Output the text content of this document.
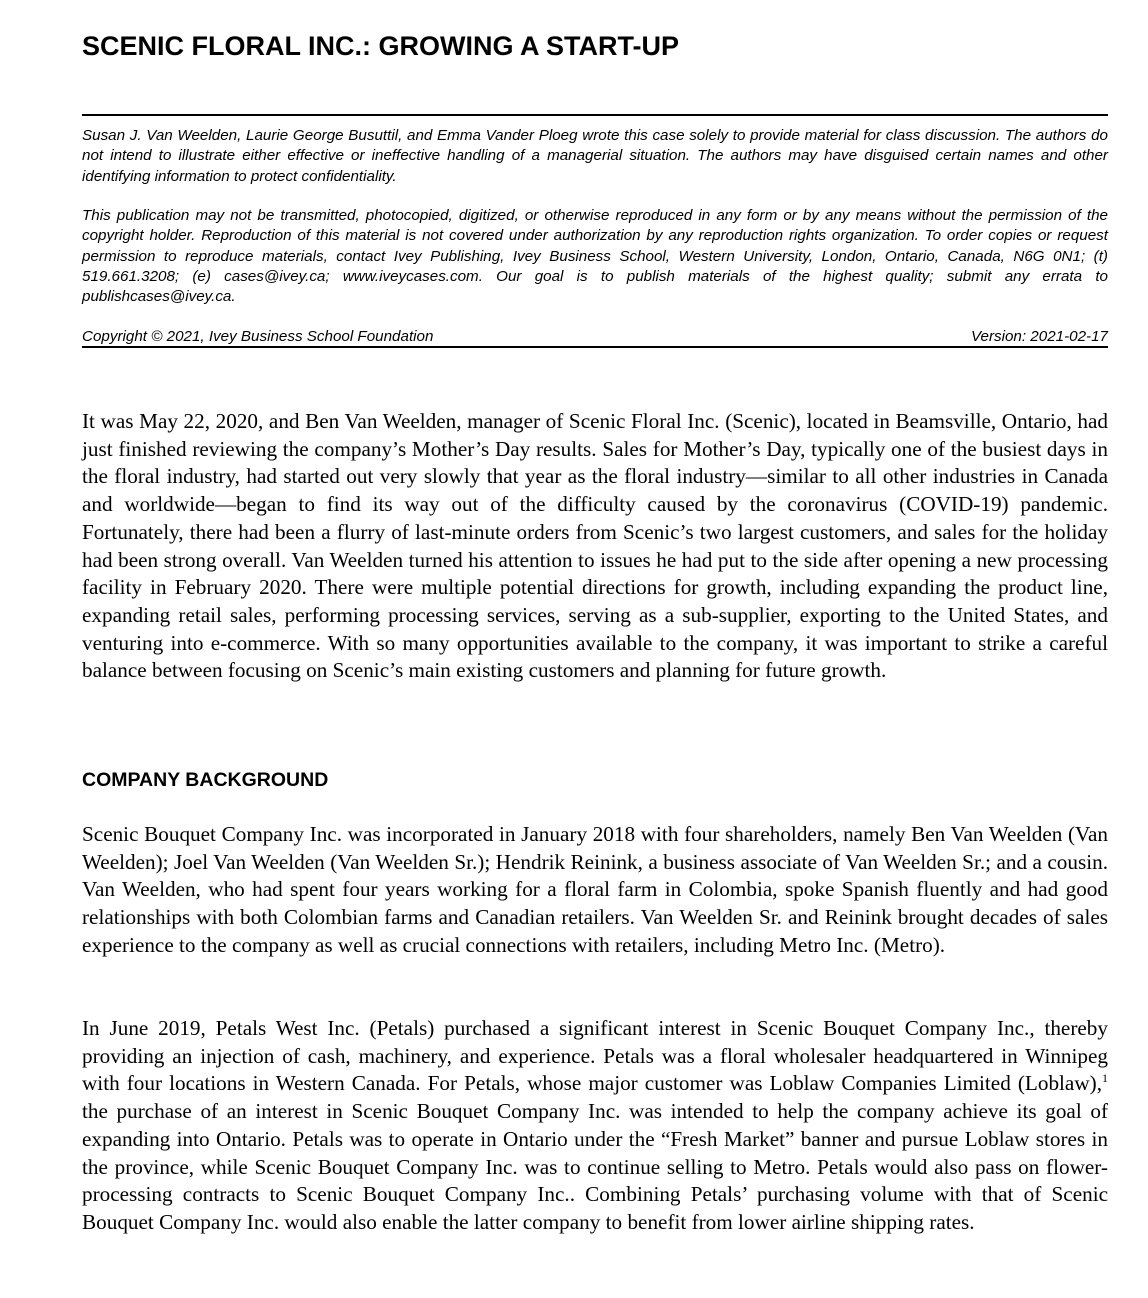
SCENIC FLORAL INC.: GROWING A START-UP

Susan J. Van Weelden, Laurie George Busuttil, and Emma Vander Ploeg wrote this case solely to provide material for class discussion. The authors do not intend to illustrate either effective or ineffective handling of a managerial situation. The authors may have disguised certain names and other identifying information to protect confidentiality.

This publication may not be transmitted, photocopied, digitized, or otherwise reproduced in any form or by any means without the permission of the copyright holder. Reproduction of this material is not covered under authorization by any reproduction rights organization. To order copies or request permission to reproduce materials, contact Ivey Publishing, Ivey Business School, Western University, London, Ontario, Canada, N6G 0N1; (t) 519.661.3208; (e) cases@ivey.ca; www.iveycases.com. Our goal is to publish materials of the highest quality; submit any errata to publishcases@ivey.ca.

Copyright © 2021, Ivey Business School Foundation	Version: 2021-02-17

It was May 22, 2020, and Ben Van Weelden, manager of Scenic Floral Inc. (Scenic), located in Beamsville, Ontario, had just finished reviewing the company’s Mother’s Day results. Sales for Mother’s Day, typically one of the busiest days in the floral industry, had started out very slowly that year as the floral industry—similar to all other industries in Canada and worldwide—began to find its way out of the difficulty caused by the coronavirus (COVID-19) pandemic. Fortunately, there had been a flurry of last-minute orders from Scenic’s two largest customers, and sales for the holiday had been strong overall. Van Weelden turned his attention to issues he had put to the side after opening a new processing facility in February 2020. There were multiple potential directions for growth, including expanding the product line, expanding retail sales, performing processing services, serving as a sub-supplier, exporting to the United States, and venturing into e-commerce. With so many opportunities available to the company, it was important to strike a careful balance between focusing on Scenic’s main existing customers and planning for future growth.

COMPANY BACKGROUND

Scenic Bouquet Company Inc. was incorporated in January 2018 with four shareholders, namely Ben Van Weelden (Van Weelden); Joel Van Weelden (Van Weelden Sr.); Hendrik Reinink, a business associate of Van Weelden Sr.; and a cousin. Van Weelden, who had spent four years working for a floral farm in Colombia, spoke Spanish fluently and had good relationships with both Colombian farms and Canadian retailers. Van Weelden Sr. and Reinink brought decades of sales experience to the company as well as crucial connections with retailers, including Metro Inc. (Metro).

In June 2019, Petals West Inc. (Petals) purchased a significant interest in Scenic Bouquet Company Inc., thereby providing an injection of cash, machinery, and experience. Petals was a floral wholesaler headquartered in Winnipeg with four locations in Western Canada. For Petals, whose major customer was Loblaw Companies Limited (Loblaw),$^1$ the purchase of an interest in Scenic Bouquet Company Inc. was intended to help the company achieve its goal of expanding into Ontario. Petals was to operate in Ontario under the “Fresh Market” banner and pursue Loblaw stores in the province, while Scenic Bouquet Company Inc. was to continue selling to Metro. Petals would also pass on flower-processing contracts to Scenic Bouquet Company Inc.. Combining Petals’ purchasing volume with that of Scenic Bouquet Company Inc. would also enable the latter company to benefit from lower airline shipping rates.
